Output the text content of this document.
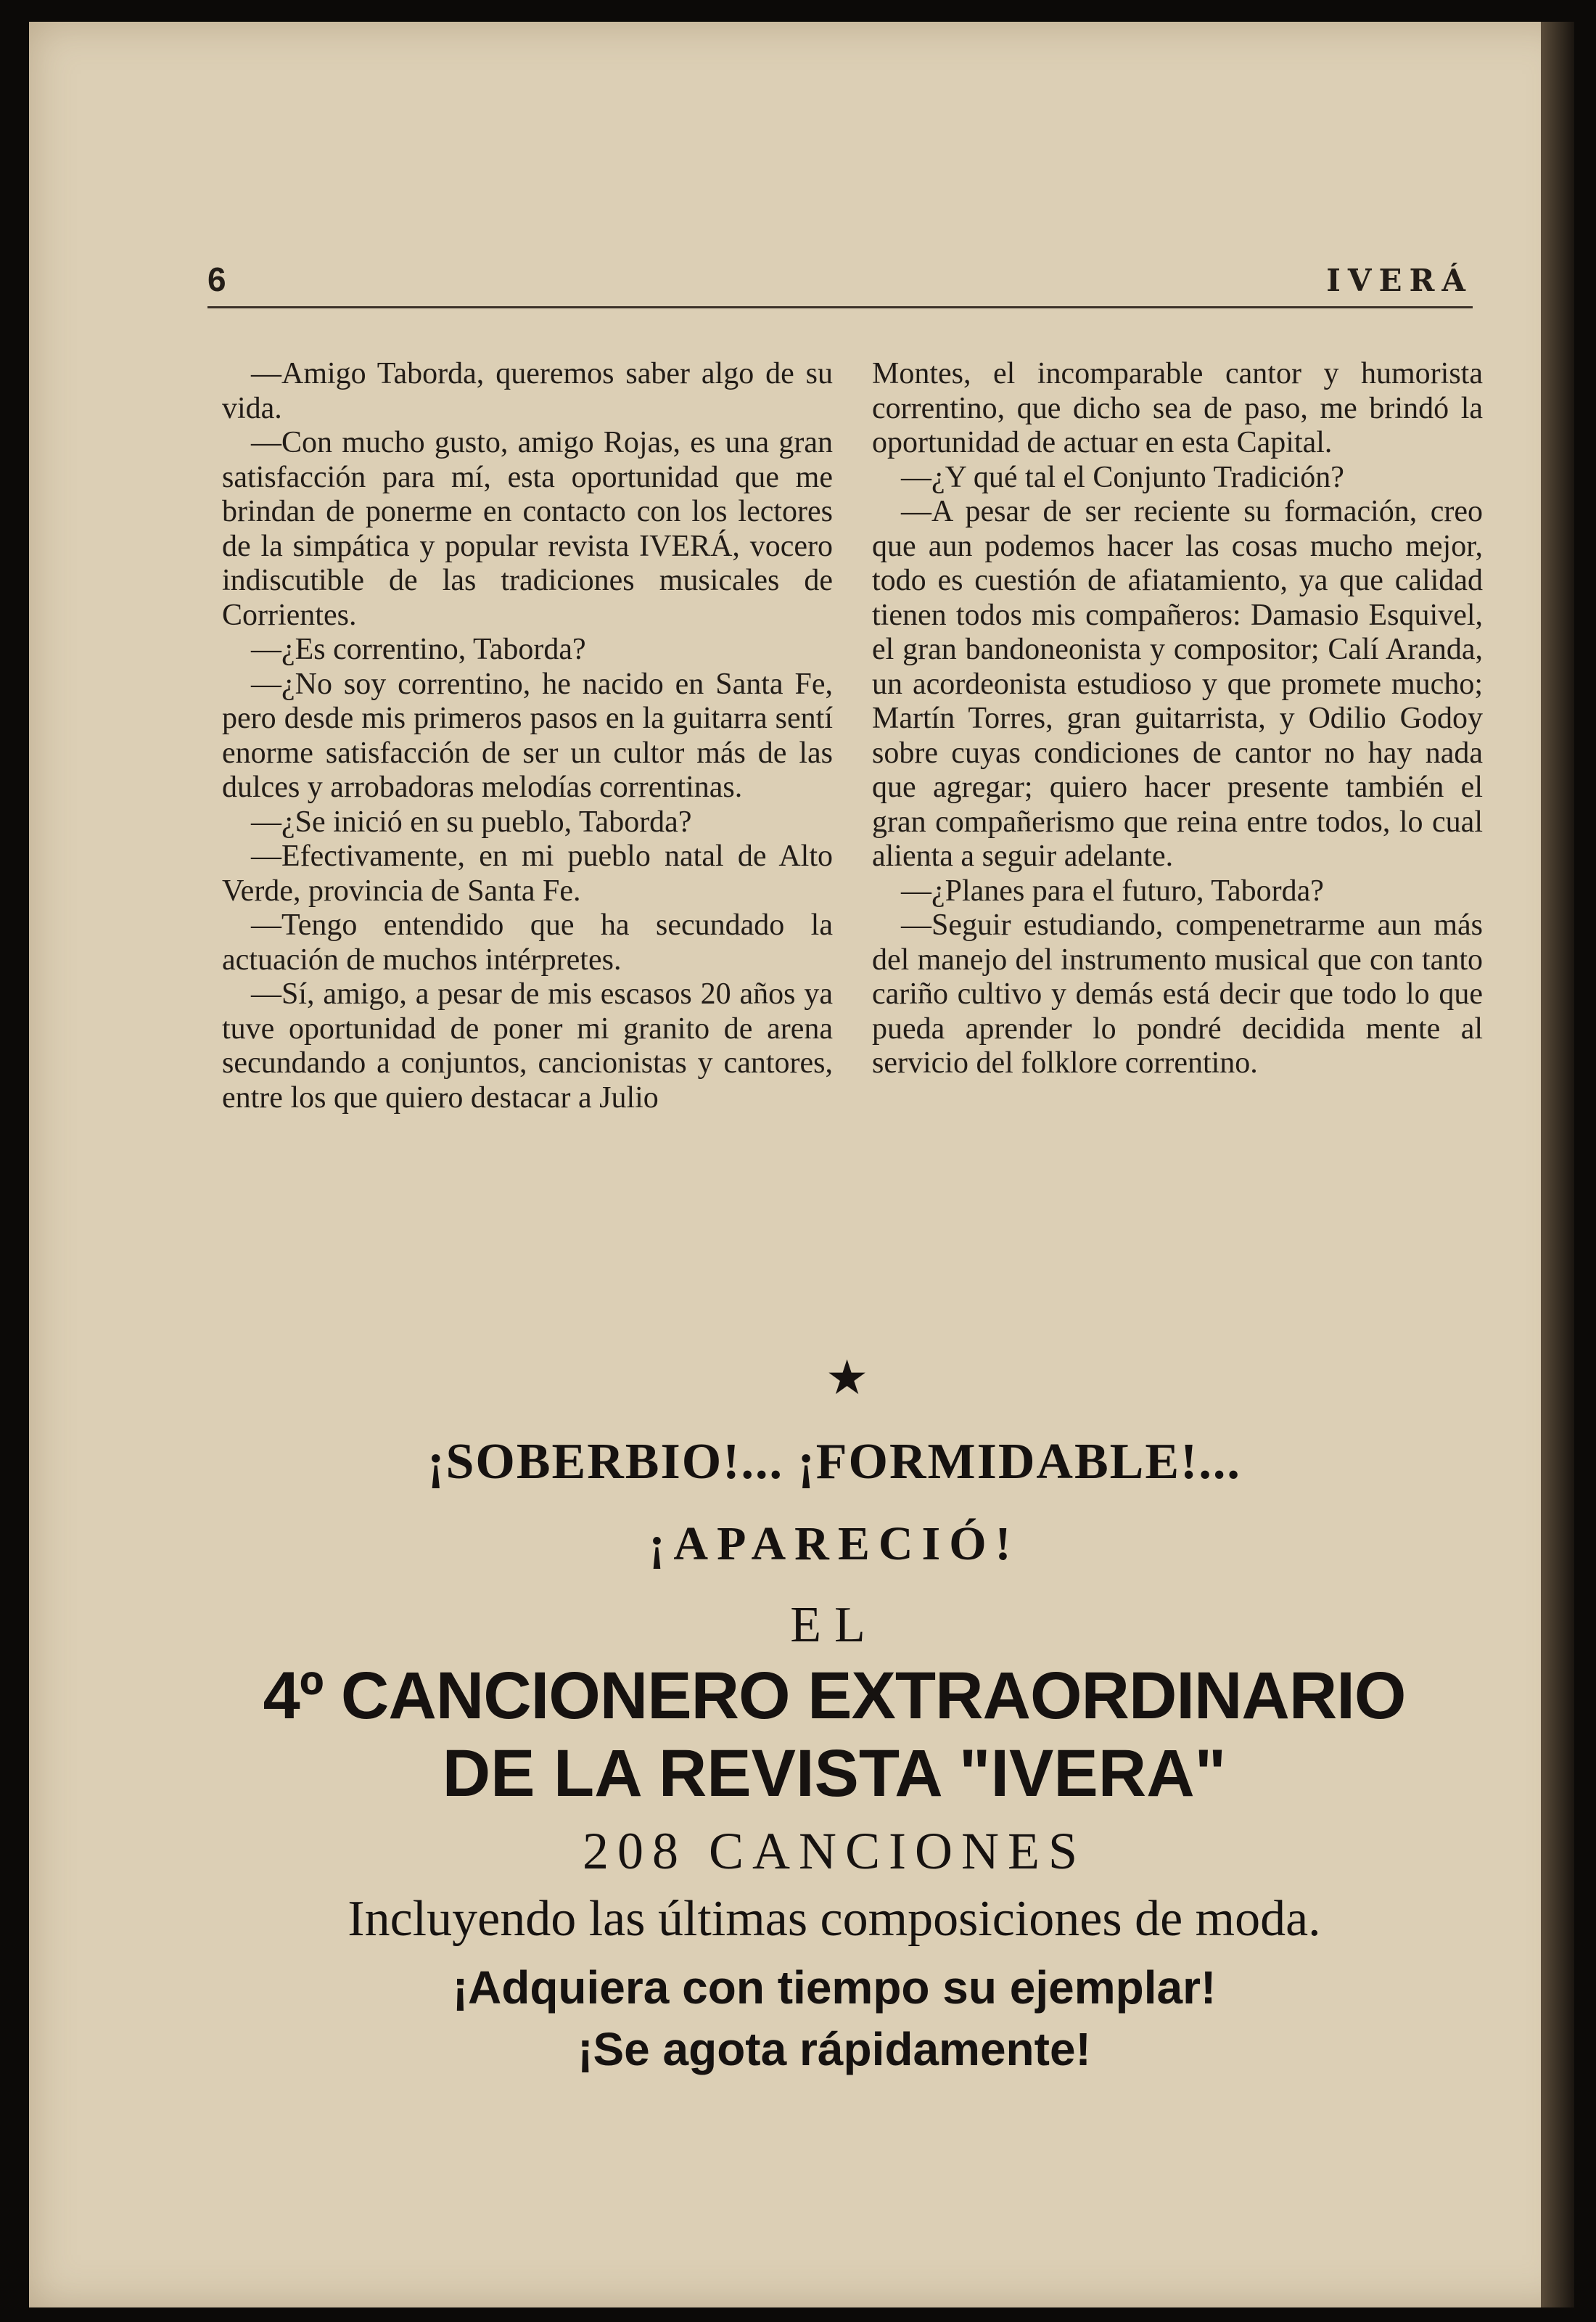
6	IVERÁ

—Amigo Taborda, queremos saber algo de su vida.

—Con mucho gusto, amigo Rojas, es una gran satisfacción para mí, esta oportunidad que me brindan de ponerme en contacto con los lectores de la simpática y popular revista IVERÁ, vocero indiscutible de las tradiciones musicales de Corrientes.

—¿Es correntino, Taborda?

—¿No soy correntino, he nacido en Santa Fe, pero desde mis primeros pasos en la guitarra sentí enorme satisfacción de ser un cultor más de las dulces y arrobadoras melodías correntinas.

—¿Se inició en su pueblo, Taborda?

—Efectivamente, en mi pueblo natal de Alto Verde, provincia de Santa Fe.

—Tengo entendido que ha secundado la actuación de muchos intérpretes.

—Sí, amigo, a pesar de mis escasos 20 años ya tuve oportunidad de poner mi granito de arena secundando a conjuntos, cancionistas y cantores, entre los que quiero destacar a Julio

Montes, el incomparable cantor y humorista correntino, que dicho sea de paso, me brindó la oportunidad de actuar en esta Capital.

—¿Y qué tal el Conjunto Tradición?

—A pesar de ser reciente su formación, creo que aun podemos hacer las cosas mucho mejor, todo es cuestión de afiatamiento, ya que calidad tienen todos mis compañeros: Damasio Esquivel, el gran bandoneonista y compositor; Calí Aranda, un acordeonista estudioso y que promete mucho; Martín Torres, gran guitarrista, y Odilio Godoy sobre cuyas condiciones de cantor no hay nada que agregar; quiero hacer presente también el gran compañerismo que reina entre todos, lo cual alienta a seguir adelante.

—¿Planes para el futuro, Taborda?

—Seguir estudiando, compenetrarme aun más del manejo del instrumento musical que con tanto cariño cultivo y demás está decir que todo lo que pueda aprender lo pondré decidida mente al servicio del folklore correntino.

★
¡SOBERBIO!... ¡FORMIDABLE!...
¡APARECIÓ!
EL
4º CANCIONERO EXTRAORDINARIO
DE LA REVISTA "IVERA"
208 CANCIONES
Incluyendo las últimas composiciones de moda.
¡Adquiera con tiempo su ejemplar!
¡Se agota rápidamente!
